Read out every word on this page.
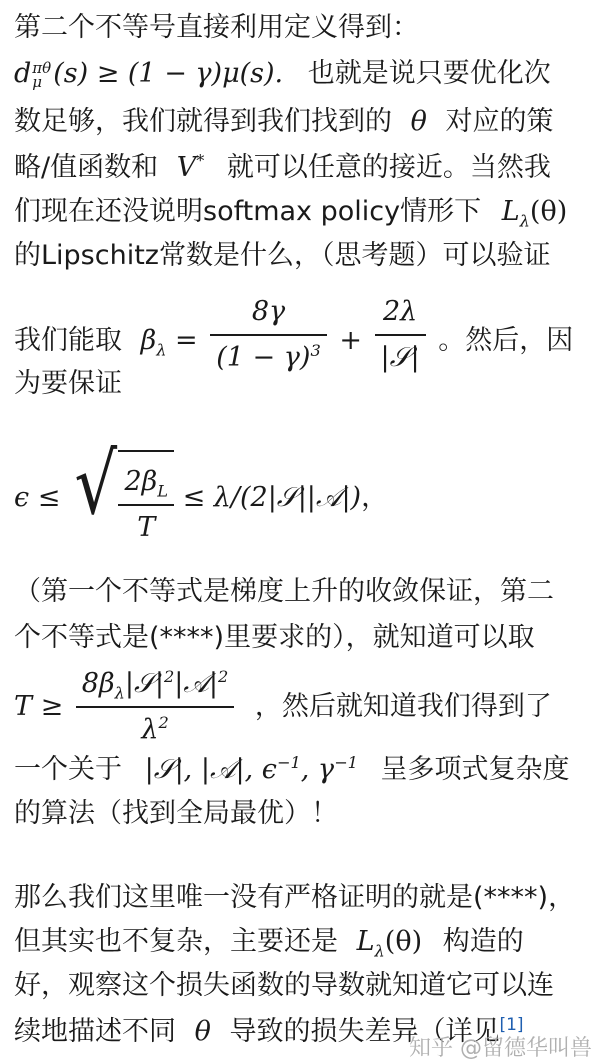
第二个不等号直接利用定义得到：
d πθ
μ (s) ≥ (1 − γ)μ(s). 也就是说只要优化次
数足够，我们就得到我们找到的 θ 对应的策
略/值函数和 V* 就可以任意的接近。当然我
们现在还没说明softmax policy情形下 $L_\lambda(\theta)$
的Lipschitz常数是什么，（思考题）可以验证
我们能取 $\beta_\lambda = \frac{8\gamma}{(1 - \gamma)^3} + \frac{2\lambda}{\text{|𝒮|}}$ 。然后，因
为要保证
ϵ ≤ √ $\frac{2\beta_L}{T}$ ≤ λ/(2|𝒮||𝒜|)，
（第一个不等式是梯度上升的收敛保证，第二
个不等式是(****)里要求的），就知道可以取
$T \ge \frac{8\beta_\lambda|𝒮|^2|𝒜|^2}{\lambda^2}$ ，然后就知道我们得到了
一个关于 |𝒮|, |𝒜|, $\epsilon^{-1}$, $\gamma^{-1}$ 呈多项式复杂度
的算法（找到全局最优）！
那么我们这里唯一没有严格证明的就是(****)，
但其实也不复杂，主要还是 $L_\lambda(\theta)$ 构造的
好，观察这个损失函数的导数就知道它可以连
续地描述不同 θ 导致的损失差异（详见[1]
知乎 @留德华叫兽
